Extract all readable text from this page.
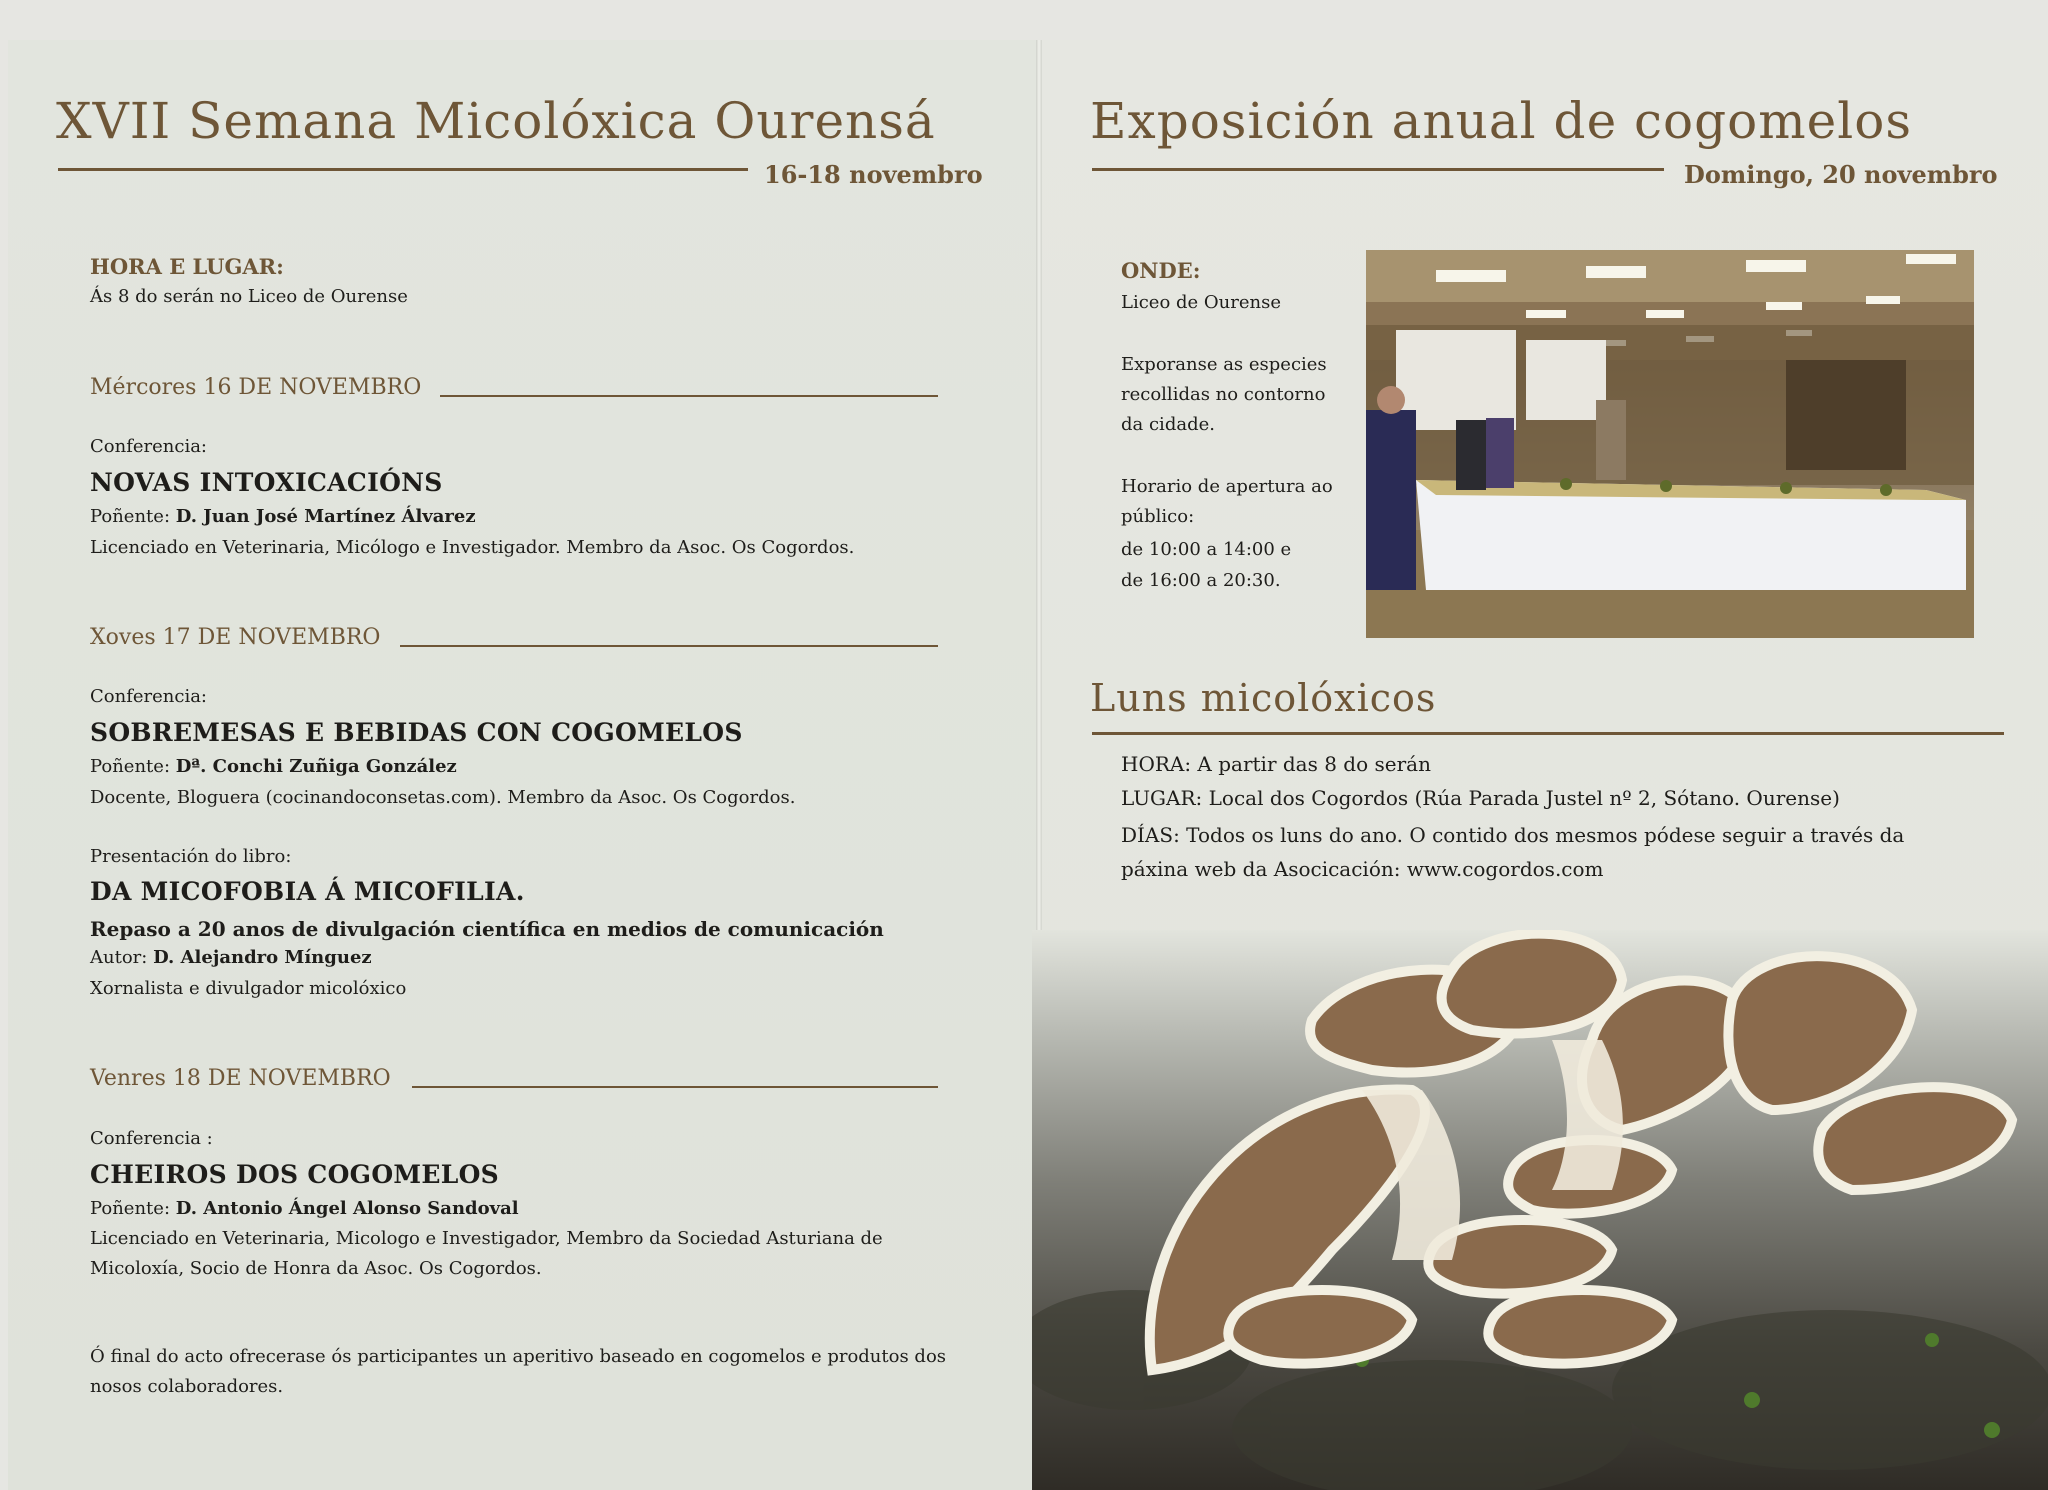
XVII Semana Micolóxica Ourensá
16-18 novembro
HORA E LUGAR:
Ás 8 do serán no Liceo de Ourense
Mércores 16 DE NOVEMBRO
Conferencia:
NOVAS INTOXICACIÓNS
Poñente: D. Juan José Martínez Álvarez
Licenciado en Veterinaria, Micólogo e Investigador. Membro da Asoc. Os Cogordos.
Xoves 17 DE NOVEMBRO
Conferencia:
SOBREMESAS E BEBIDAS CON COGOMELOS
Poñente: Dª. Conchi Zuñiga González
Docente, Bloguera (cocinandoconsetas.com). Membro da Asoc. Os Cogordos.
Presentación do libro:
DA MICOFOBIA Á MICOFILIA.
Repaso a 20 anos de divulgación científica en medios de comunicación
Autor: D. Alejandro Mínguez
Xornalista e divulgador micolóxico
Venres 18 DE NOVEMBRO
Conferencia :
CHEIROS DOS COGOMELOS
Poñente: D. Antonio Ángel Alonso Sandoval
Licenciado en Veterinaria, Micologo e Investigador, Membro da Sociedad Asturiana de Micoloxía, Socio de Honra da Asoc. Os Cogordos.
Ó final do acto ofrecerase ós participantes un aperitivo baseado en cogomelos e produtos dos nosos colaboradores.
Exposición anual de cogomelos
Domingo, 20 novembro
ONDE:
Liceo de Ourense
Exporanse as especies recollidas no contorno da cidade.
Horario de apertura ao público:
de 10:00 a 14:00 e
de 16:00 a 20:30.
Luns micolóxicos
HORA: A partir das 8 do serán
LUGAR: Local dos Cogordos (Rúa Parada Justel nº 2, Sótano. Ourense)
DÍAS: Todos os luns do ano. O contido dos mesmos pódese seguir a través da páxina web da Asocicación: www.cogordos.com
